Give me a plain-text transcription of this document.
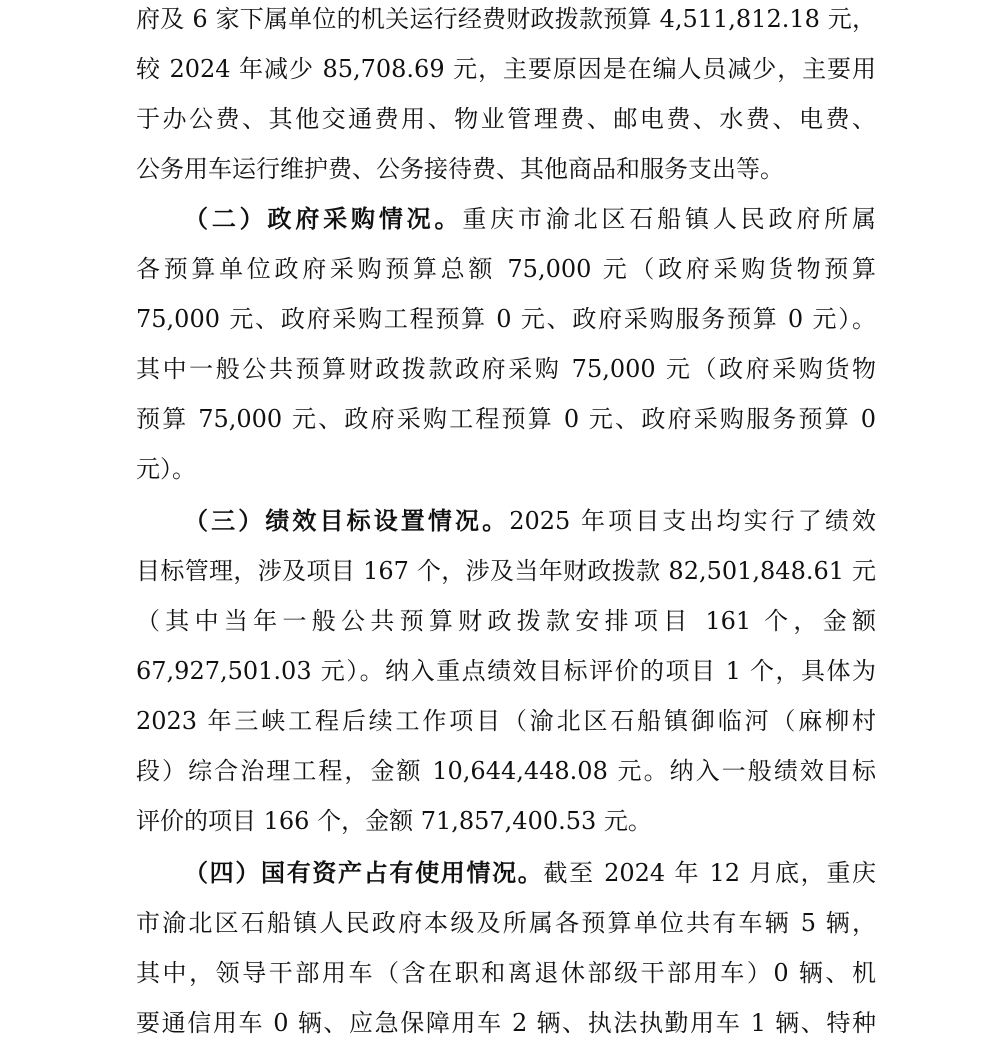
府及 6 家下属单位的机关运行经费财政拨款预算 4,511,812.18 元，
较 2024 年减少 85,708.69 元，主要原因是在编人员减少，主要用
于办公费、其他交通费用、物业管理费、邮电费、水费、电费、
公务用车运行维护费、公务接待费、其他商品和服务支出等。
（二）政府采购情况。重庆市渝北区石船镇人民政府所属
各预算单位政府采购预算总额 75,000 元（政府采购货物预算
75,000 元、政府采购工程预算 0 元、政府采购服务预算 0 元）。
其中一般公共预算财政拨款政府采购 75,000 元（政府采购货物
预算 75,000 元、政府采购工程预算 0 元、政府采购服务预算 0
元）。
（三）绩效目标设置情况。2025 年项目支出均实行了绩效
目标管理，涉及项目 167 个，涉及当年财政拨款 82,501,848.61 元
（其中当年一般公共预算财政拨款安排项目 161 个，金额
67,927,501.03 元）。纳入重点绩效目标评价的项目 1 个，具体为
2023 年三峡工程后续工作项目（渝北区石船镇御临河（麻柳村
段）综合治理工程，金额 10,644,448.08 元。纳入一般绩效目标
评价的项目 166 个，金额 71,857,400.53 元。
（四）国有资产占有使用情况。截至 2024 年 12 月底，重庆
市渝北区石船镇人民政府本级及所属各预算单位共有车辆 5 辆，
其中，领导干部用车（含在职和离退休部级干部用车）0 辆、机
要通信用车 0 辆、应急保障用车 2 辆、执法执勤用车 1 辆、特种
